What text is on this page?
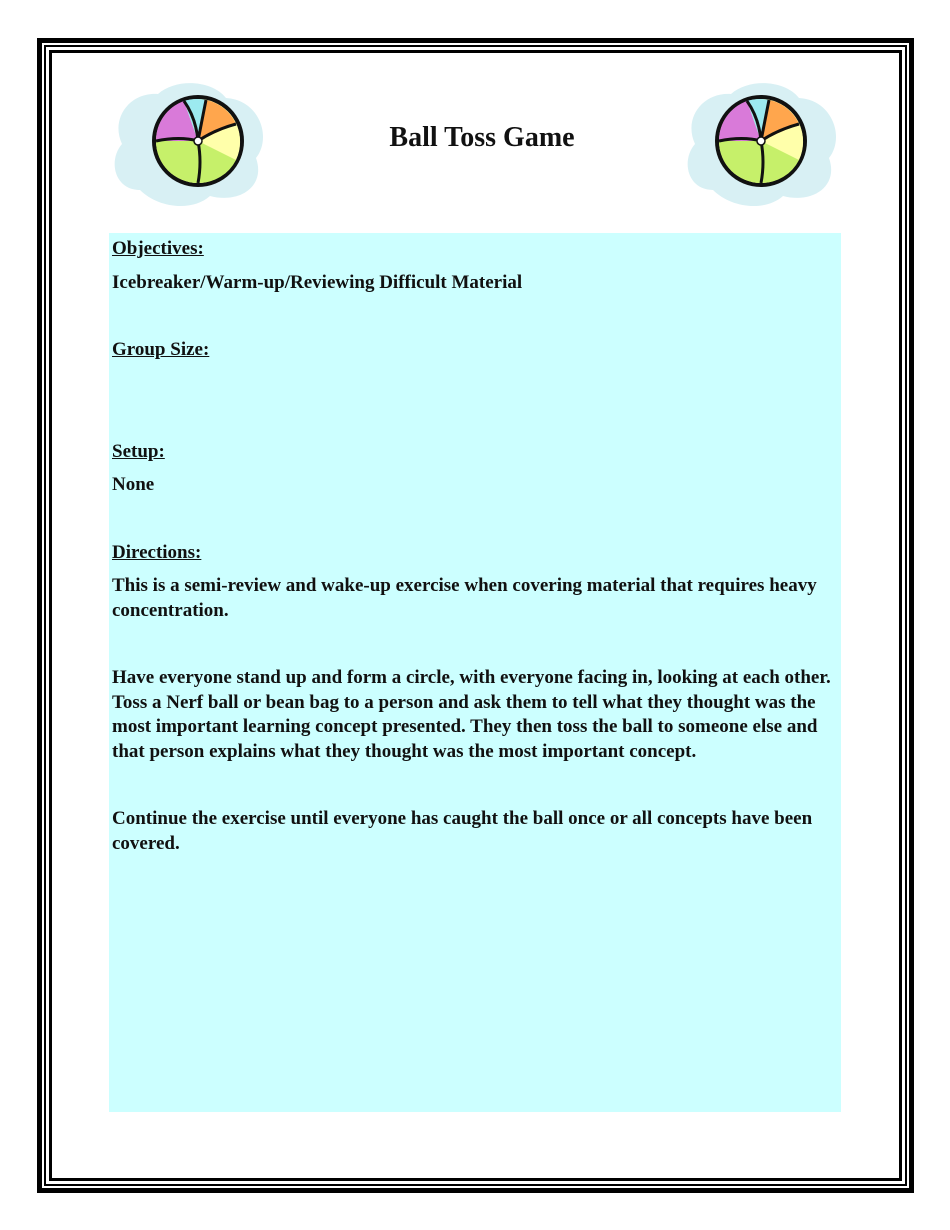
Ball Toss Game

Objectives:

Icebreaker/Warm-up/Reviewing Difficult Material

Group Size:

Setup:

None

Directions:

This is a semi-review and wake-up exercise when covering material that requires heavy concentration.

Have everyone stand up and form a circle, with everyone facing in, looking at each other. Toss a Nerf ball or bean bag to a person and ask them to tell what they thought was the most important learning concept presented. They then toss the ball to someone else and that person explains what they thought was the most important concept.

Continue the exercise until everyone has caught the ball once or all concepts have been covered.
